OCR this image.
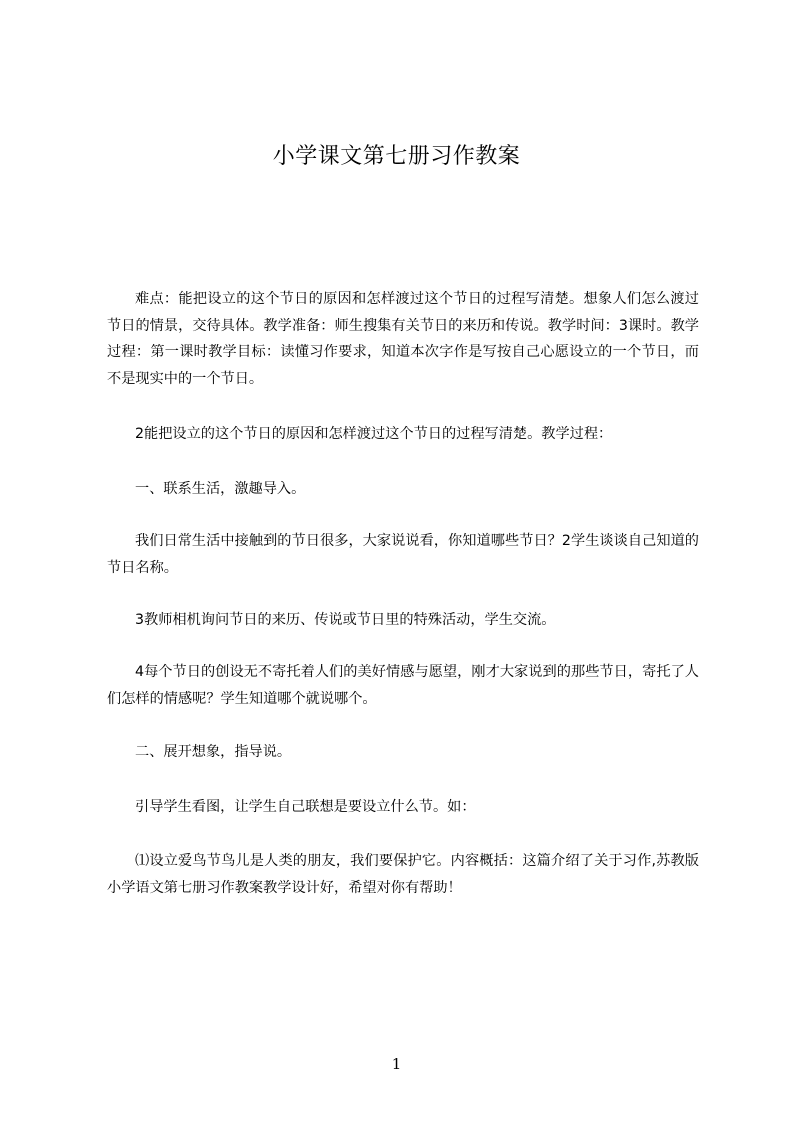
小学课文第七册习作教案

难点：能把设立的这个节日的原因和怎样渡过这个节日的过程写清楚。想象人们怎么渡过节日的情景，交待具体。教学准备：师生搜集有关节日的来历和传说。教学时间：3课时。教学过程：第一课时教学目标：读懂习作要求，知道本次字作是写按自己心愿设立的一个节日，而不是现实中的一个节日。

2能把设立的这个节日的原因和怎样渡过这个节日的过程写清楚。教学过程：

一、联系生活，激趣导入。

我们日常生活中接触到的节日很多，大家说说看，你知道哪些节日？2学生谈谈自己知道的节日名称。

3教师相机询问节日的来历、传说或节日里的特殊活动，学生交流。

4每个节日的创设无不寄托着人们的美好情感与愿望，刚才大家说到的那些节日，寄托了人们怎样的情感呢？学生知道哪个就说哪个。

二、展开想象，指导说。

引导学生看图，让学生自己联想是要设立什么节。如：

⑴设立爱鸟节鸟儿是人类的朋友，我们要保护它。内容概括：这篇介绍了关于习作,苏教版小学语文第七册习作教案教学设计好，希望对你有帮助！

1
